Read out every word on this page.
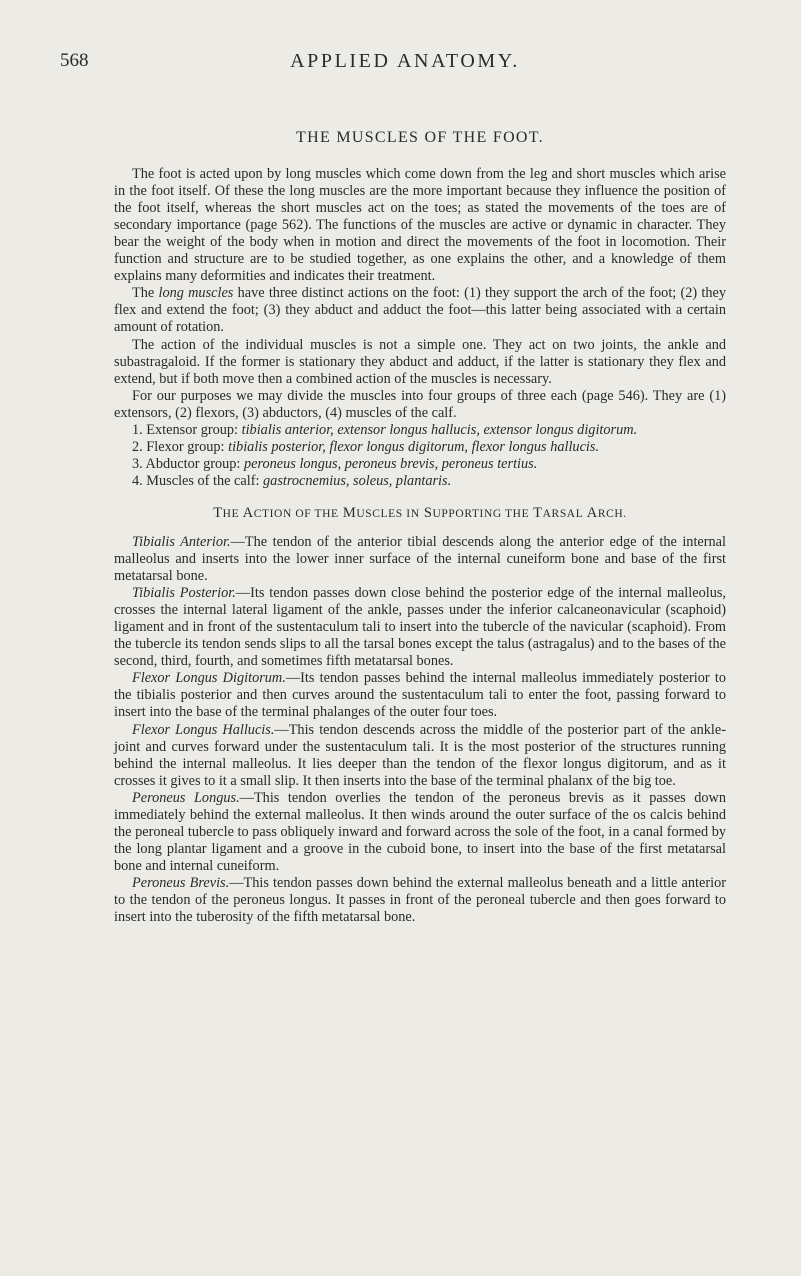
568	APPLIED ANATOMY.
THE MUSCLES OF THE FOOT.

The foot is acted upon by long muscles which come down from the leg and short muscles which arise in the foot itself. Of these the long muscles are the more important because they influence the position of the foot itself, whereas the short muscles act on the toes; as stated the movements of the toes are of secondary importance (page 562). The functions of the muscles are active or dynamic in character. They bear the weight of the body when in motion and direct the movements of the foot in locomotion. Their function and structure are to be studied together, as one explains the other, and a knowledge of them explains many deformities and indicates their treatment.

The long muscles have three distinct actions on the foot: (1) they support the arch of the foot; (2) they flex and extend the foot; (3) they abduct and adduct the foot—this latter being associated with a certain amount of rotation.

The action of the individual muscles is not a simple one. They act on two joints, the ankle and subastragaloid. If the former is stationary they abduct and adduct, if the latter is stationary they flex and extend, but if both move then a combined action of the muscles is necessary.

For our purposes we may divide the muscles into four groups of three each (page 546). They are (1) extensors, (2) flexors, (3) abductors, (4) muscles of the calf.

1. Extensor group: tibialis anterior, extensor longus hallucis, extensor longus digitorum.

2. Flexor group: tibialis posterior, flexor longus digitorum, flexor longus hallucis.

3. Abductor group: peroneus longus, peroneus brevis, peroneus tertius.

4. Muscles of the calf: gastrocnemius, soleus, plantaris.

THE ACTION OF THE MUSCLES IN SUPPORTING THE TARSAL ARCH.

Tibialis Anterior.—The tendon of the anterior tibial descends along the anterior edge of the internal malleolus and inserts into the lower inner surface of the internal cuneiform bone and base of the first metatarsal bone.

Tibialis Posterior.—Its tendon passes down close behind the posterior edge of the internal malleolus, crosses the internal lateral ligament of the ankle, passes under the inferior calcaneonavicular (scaphoid) ligament and in front of the sustentaculum tali to insert into the tubercle of the navicular (scaphoid). From the tubercle its tendon sends slips to all the tarsal bones except the talus (astragalus) and to the bases of the second, third, fourth, and sometimes fifth metatarsal bones.

Flexor Longus Digitorum.—Its tendon passes behind the internal malleolus immediately posterior to the tibialis posterior and then curves around the sustentaculum tali to enter the foot, passing forward to insert into the base of the terminal phalanges of the outer four toes.

Flexor Longus Hallucis.—This tendon descends across the middle of the posterior part of the ankle-joint and curves forward under the sustentaculum tali. It is the most posterior of the structures running behind the internal malleolus. It lies deeper than the tendon of the flexor longus digitorum, and as it crosses it gives to it a small slip. It then inserts into the base of the terminal phalanx of the big toe.

Peroneus Longus.—This tendon overlies the tendon of the peroneus brevis as it passes down immediately behind the external malleolus. It then winds around the outer surface of the os calcis behind the peroneal tubercle to pass obliquely inward and forward across the sole of the foot, in a canal formed by the long plantar ligament and a groove in the cuboid bone, to insert into the base of the first metatarsal bone and internal cuneiform.

Peroneus Brevis.—This tendon passes down behind the external malleolus beneath and a little anterior to the tendon of the peroneus longus. It passes in front of the peroneal tubercle and then goes forward to insert into the tuberosity of the fifth metatarsal bone.
